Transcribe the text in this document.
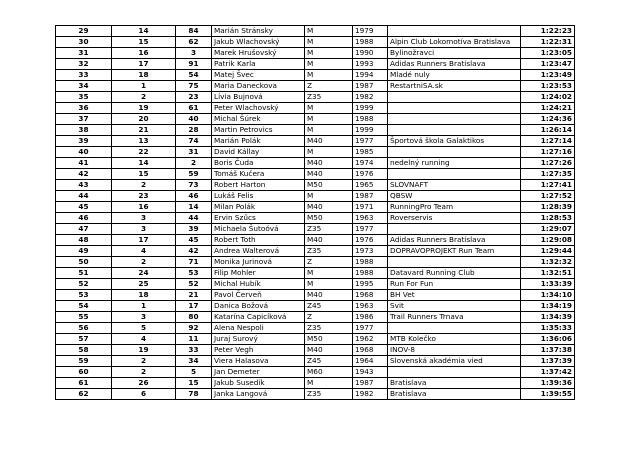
29	14	84	Marián Stránsky	M	1979		1:22:23
30	15	62	Jakub Wlachovský	M	1988	Alpin Club Lokomotíva Bratislava	1:22:31
31	16	3	Marek Hrušovský	M	1990	Bylinožravci	1:23:05
32	17	91	Patrik Karla	M	1993	Adidas Runners Bratislava	1:23:47
33	18	54	Matej Švec	M	1994	Mladé nuly	1:23:49
34	1	75	Maria Daneckova	Z	1987	RestartniSA.sk	1:23:53
35	2	23	Lívia Bujnová	Z35	1982		1:24:02
36	19	61	Peter Wlachovský	M	1999		1:24:21
37	20	40	Michal Šúrek	M	1988		1:24:36
38	21	28	Martin Petrovics	M	1999		1:26:14
39	13	74	Marián Polák	M40	1977	Športová škola Galaktikos	1:27:14
40	22	31	David Kállay	M	1985		1:27:16
41	14	2	Boris Čuda	M40	1974	nedelný running	1:27:26
42	15	59	Tomáš Kučera	M40	1976		1:27:35
43	2	73	Robert Harton	M50	1965	SLOVNAFT	1:27:41
44	23	46	Lukáš Felis	M	1987	QBSW	1:27:52
45	16	14	Milan Polák	M40	1971	RunningPro Team	1:28:39
46	3	44	Ervin Szűcs	M50	1963	Roverservis	1:28:53
47	3	39	Michaela Šutoóvá	Z35	1977		1:29:07
48	17	45	Robert Toth	M40	1976	Adidas Runners Bratislava	1:29:08
49	4	42	Andrea Walterová	Z35	1973	DOPRAVOPROJEKT Run Team	1:29:44
50	2	71	Monika Jurinová	Z	1988		1:32:32
51	24	53	Filip Mohler	M	1988	Datavard Running Club	1:32:51
52	25	52	Michal Hubík	M	1995	Run For Fun	1:33:39
53	18	21	Pavol Červeň	M40	1968	BH Vet	1:34:10
54	1	17	Danica Božová	Z45	1963	Svit	1:34:19
55	3	80	Katarína Capicíková	Z	1986	Trail Runners Trnava	1:34:39
56	5	92	Alena Nespoli	Z35	1977		1:35:33
57	4	11	Juraj Surový	M50	1962	MTB Kolečko	1:36:06
58	19	33	Peter Vegh	M40	1968	INOV-8	1:37:38
59	2	34	Viera Halasova	Z45	1964	Slovenská akadémia vied	1:37:39
60	2	5	Jan Demeter	M60	1943		1:37:42
61	26	15	Jakub Susedík	M	1987	Bratislava	1:39:36
62	6	78	Janka Langová	Z35	1982	Bratislava	1:39:55
